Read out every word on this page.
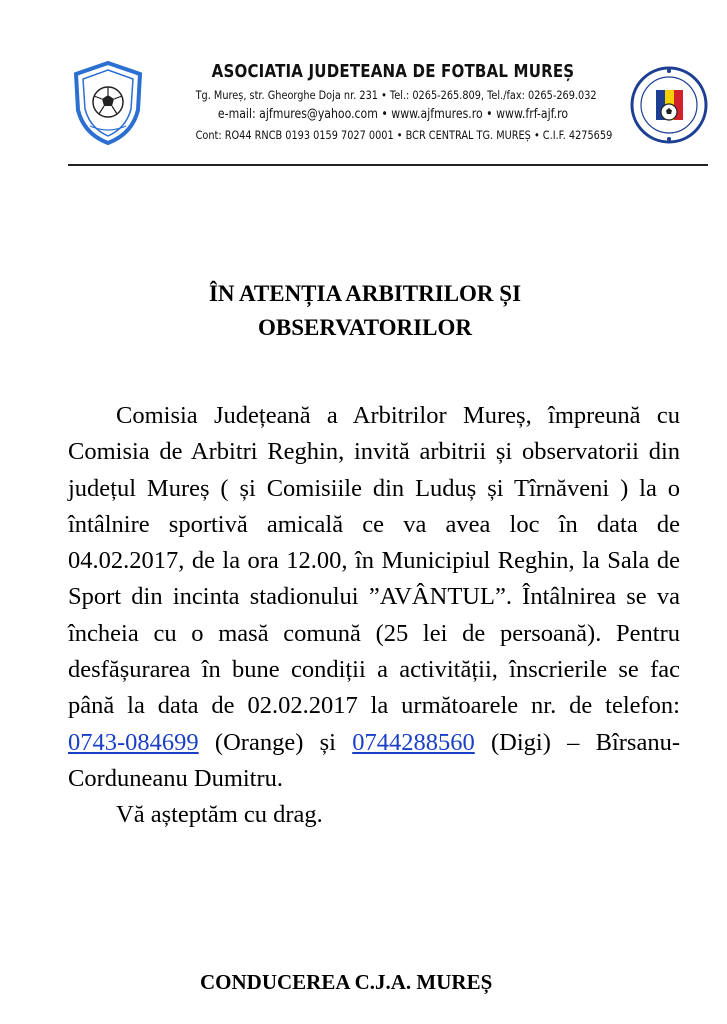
ASOCIATIA JUDETEANA DE FOTBAL MUREȘ
Tg. Mureș, str. Gheorghe Doja nr. 231 • Tel.: 0265-265.809, Tel./fax: 0265-269.032
e-mail: ajfmures@yahoo.com • www.ajfmures.ro • www.frf-ajf.ro
Cont: RO44 RNCB 0193 0159 7027 0001 • BCR CENTRAL TG. MUREȘ • C.I.F. 4275659
ÎN ATENȚIA ARBITRILOR ȘI
OBSERVATORILOR

Comisia Județeană a Arbitrilor Mureș, împreună cu Comisia de Arbitri Reghin, invită arbitrii și observatorii din județul Mureș ( și Comisiile din Luduș și Tîrnăveni ) la o întâlnire sportivă amicală ce va avea loc în data de 04.02.2017, de la ora 12.00, în Municipiul Reghin, la Sala de Sport din incinta stadionului ”AVÂNTUL”. Întâlnirea se va încheia cu o masă comună (25 lei de persoană). Pentru desfășurarea în bune condiții a activității, înscrierile se fac până la data de 02.02.2017 la următoarele nr. de telefon: 0743-084699 (Orange) și 0744288560 (Digi) – Bîrsanu-Corduneanu Dumitru.

Vă așteptăm cu drag.

CONDUCEREA C.J.A. MUREȘ
